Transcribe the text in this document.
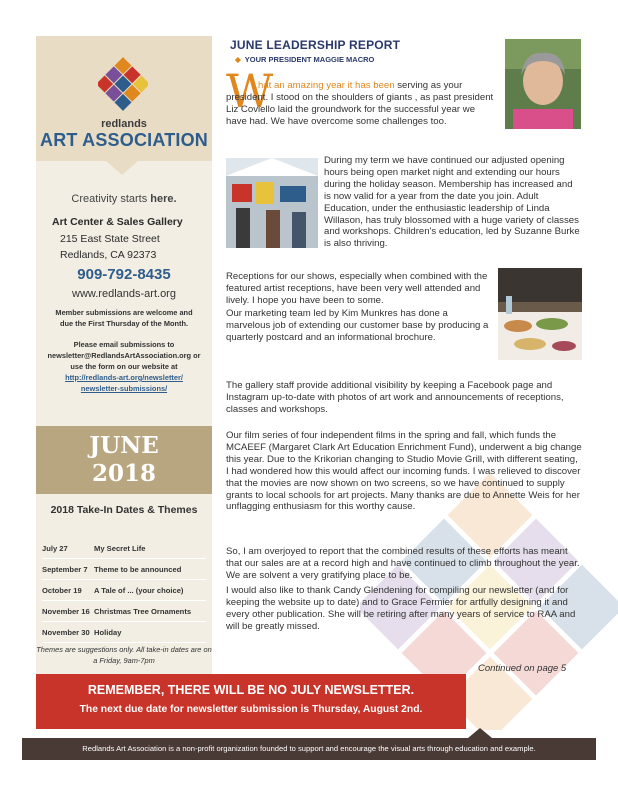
redlands
ART ASSOCIATION
Creativity starts here.
Art Center & Sales Gallery
215 East State Street
Redlands, CA 92373
909-792-8435
www.redlands-art.org
Member submissions are welcome and due the First Thursday of the Month.
Please email submissions to newsletter@RedlandsArtAssociation.org or use the form on our website at
http://redlands-art.org/newsletter/ newsletter-submissions/
JUNE
2018
2018 Take-In Dates & Themes
July 27	My Secret Life
September 7 Theme to be announced
October 19	A Tale of ... (your choice)
November 16 Christmas Tree Ornaments
November 30 Holiday
Themes are suggestions only. All take-in dates are on a Friday, 9am-7pm
JUNE LEADERSHIP REPORT
◆ YOUR PRESIDENT MAGGIE MACRO
W
hat an amazing year it has been serving as your president. I stood on the shoulders of giants , as past president Liz Coviello laid the groundwork for the successful year we have had. We have overcome some challenges too.
During my term we have continued our adjusted opening hours being open market night and extending our hours during the holiday season. Membership has increased and is now valid for a year from the date you join. Adult Education, under the enthusiastic leadership of Linda Willason, has truly blossomed with a huge variety of classes and workshops. Children's education, led by Suzanne Burke is also thriving.
Receptions for our shows, especially when combined with the featured artist receptions, have been very well attended and lively. I hope you have been to some.
Our marketing team led by Kim Munkres has done a marvelous job of extending our customer base by producing a quarterly postcard and an informational brochure.
The gallery staff provide additional visibility by keeping a Facebook page and Instagram up-to-date with photos of art work and announcements of receptions, classes and workshops.
Our film series of four independent films in the spring and fall, which funds the MCAEEF (Margaret Clark Art Education Enrichment Fund), underwent a big change this year. Due to the Krikorian changing to Studio Movie Grill, with different seating, I had wondered how this would affect our incoming funds. I was relieved to discover that the movies are now shown on two screens, so we have continued to supply grants to local schools for art projects. Many thanks are due to Annette Weis for her unflagging enthusiasm for this worthy cause.
So, I am overjoyed to report that the combined results of these efforts has meant that our sales are at a record high and have continued to climb throughout the year. We are solvent a very gratifying place to be.
I would also like to thank Candy Glendening for compiling our newsletter (and for keeping the website up to date) and to Grace Fermier for artfully designing it and every other publication. She will be retiring after many years of service to RAA and will be greatly missed.
Continued on page 5
REMEMBER, THERE WILL BE NO JULY NEWSLETTER.
The next due date for newsletter submission is Thursday, August 2nd.
Redlands Art Association is a non-profit organization founded to support and encourage the visual arts through education and example.
